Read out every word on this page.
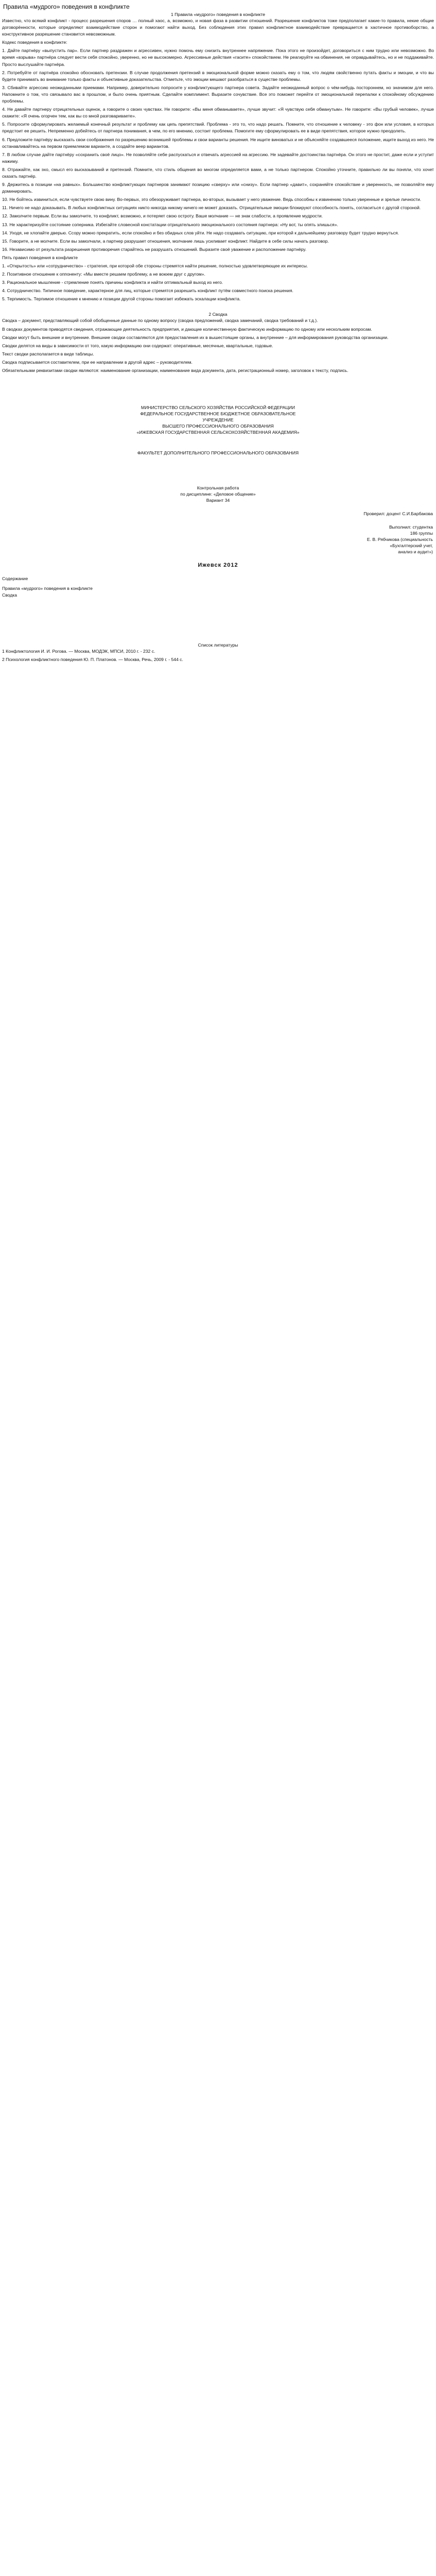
Правила «мудрого» поведения в конфликте
1 Правила «мудрого» поведения в конфликте
Известно, что всякий конфликт - процесс разрешения споров … полный хаос, а, возможно, и новая фаза в развитии отношений. Разрешение конфликтов тоже предполагает какие-то правила, некие общие договорённости, которые определяют взаимодействие сторон и помогают найти выход. Без соблюдения этих правил конфликтное взаимодействие превращается в хаотичное противоборство, а конструктивное разрешение становится невозможным.
Кодекс поведения в конфликте:
1. Дайте партнёру «выпустить пар». Если партнер раздражен и агрессивен, нужно помочь ему снизить внутреннее напряжение. Пока этого не произойдет, договориться с ним трудно или невозможно. Во время «взрыва» партнёра следует вести себя спокойно, уверенно, но не высокомерно. Агрессивные действия «гасите» спокойствием. Не реагируйте на обвинения, не оправдывайтесь, но и не поддакивайте. Просто выслушайте партнёра.
2. Потребуйте от партнёра спокойно обосновать претензии. В случае продолжения претензий в эмоциональной форме можно сказать ему о том, что людям свойственно путать факты и эмоции, и что вы будете принимать во внимание только факты и объективные доказательства. Отметьте, что эмоции мешают разобраться в существе проблемы.
3. Сбивайте агрессию неожиданными приемами. Например, доверительно попросите у конфликтующего партнера совета. Задайте неожиданный вопрос о чём-нибудь постороннем, но значимом для него. Напомните о том, что связывало вас в прошлом, и было очень приятным. Сделайте комплимент. Выразите сочувствие. Все это поможет перейти от эмоциональной перепалки к спокойному обсуждению проблемы.
4. Не давайте партнеру отрицательных оценок, а говорите о своих чувствах. Не говорите: «Вы меня обманываете», лучше звучит: «Я чувствую себя обманутым». Не говорите: «Вы грубый человек», лучше скажите: «Я очень огорчен тем, как вы со мной разговариваете».
5. Попросите сформулировать желаемый конечный результат и проблему как цепь препятствий. Проблема - это то, что надо решать. Помните, что отношение к человеку - это фон или условия, в которых предстоит ее решить. Непременно добейтесь от партнера понимания, в чем, по его мнению, состоит проблема. Помогите ему сформулировать ее в виде препятствия, которое нужно преодолеть.
6. Предложите партнёру высказать свои соображения по разрешению возникшей проблемы и свои варианты решения. Не ищите виноватых и не объясняйте создавшееся положение, ищите выход из него. Не останавливайтесь на первом приемлемом варианте, а создайте веер вариантов.
7. В любом случае дайте партнёру «сохранить своё лицо». Не позволяйте себе распускаться и отвечать агрессией на агрессию. Не задевайте достоинства партнёра. Он этого не простит, даже если и уступит нажиму.
8. Отражайте, как эхо, смысл его высказываний и претензий. Помните, что стиль общения во многом определяется вами, а не только партнером. Спокойно уточните, правильно ли вы поняли, что хочет сказать партнёр.
9. Держитесь в позиции «на равных». Большинство конфликтующих партнеров занимают позицию «сверху» или «снизу». Если партнер «давит», сохраняйте спокойствие и уверенность, не позволяйте ему доминировать.
10. Не бойтесь извиниться, если чувствуете свою вину. Во-первых, это обезоруживает партнера, во-вторых, вызывает у него уважение. Ведь способны к извинению только уверенные и зрелые личности.
11. Ничего не надо доказывать. В любых конфликтных ситуациях никто никогда никому ничего не может доказать. Отрицательные эмоции блокируют способность понять, согласиться с другой стороной.
12. Замолчите первым. Если вы замолчите, то конфликт, возможно, и потеряет свою остроту. Ваше молчание — не знак слабости, а проявление мудрости.
13. Не характеризуйте состояние соперника. Избегайте словесной констатации отрицательного эмоционального состояния партнера: «Ну вот, ты опять злишься».
14. Уходя, не хлопайте дверью. Ссору можно прекратить, если спокойно и без обидных слов уйти. Не надо создавать ситуацию, при которой к дальнейшему разговору будет трудно вернуться.
15. Говорите, а не молчите. Если вы замолчали, а партнер разрушает отношения, молчание лишь усиливает конфликт. Найдите в себе силы начать разговор.
16. Независимо от результата разрешения противоречия старайтесь не разрушать отношений. Выразите своё уважение и расположение партнёру.
Пять правил поведения в конфликте
1. «Открытость» или «сотрудничество» - стратегия, при которой обе стороны стремятся найти решение, полностью удовлетворяющее их интересы.
2. Позитивное отношение к оппоненту: «Мы вместе решаем проблему, а не воюем друг с другом».
3. Рациональное мышление - стремление понять причины конфликта и найти оптимальный выход из него.
4. Сотрудничество. Типичное поведение, характерное для лиц, которые стремятся разрешить конфликт путём совместного поиска решения.
5. Терпимость. Терпимое отношение к мнению и позиции другой стороны помогает избежать эскалации конфликта.
2 Сводка
Сводка – документ, представляющий собой обобщенные данные по одному вопросу (сводка предложений, сводка замечаний, сводка требований и т.д.).
В сводках документов приводятся сведения, отражающие деятельность предприятия, и дающие количественную фактическую информацию по одному или нескольким вопросам.
Сводки могут быть внешние и внутренние. Внешние сводки составляются для предоставления их в вышестоящие органы, а внутренние – для информирования руководства организации.
Сводки делятся на виды в зависимости от того, какую информацию они содержат: оперативные, месячные, квартальные, годовые.
Текст сводки располагается в виде таблицы.
Сводка подписывается составителем, при ее направлении в другой адрес – руководителем.
Обязательными реквизитами сводки являются: наименование организации, наименование вида документа, дата, регистрационный номер, заголовок к тексту, подпись.
МИНИСТЕРСТВО СЕЛЬСКОГО ХОЗЯЙСТВА РОССИЙСКОЙ ФЕДЕРАЦИИ
ФЕДЕРАЛЬНОЕ ГОСУДАРСТВЕННОЕ БЮДЖЕТНОЕ ОБРАЗОВАТЕЛЬНОЕ
УЧРЕЖДЕНИЕ
ВЫСШЕГО ПРОФЕССИОНАЛЬНОГО ОБРАЗОВАНИЯ
«ИЖЕВСКАЯ ГОСУДАРСТВЕННАЯ СЕЛЬСКОХОЗЯЙСТВЕННАЯ АКАДЕМИЯ»
ФАКУЛЬТЕТ ДОПОЛНИТЕЛЬНОГО ПРОФЕССИОНАЛЬНОГО ОБРАЗОВАНИЯ
Контрольная работа
по дисциплине: «Деловое общение»
Вариант 34
Проверил: доцент С.И.Барбакова
Выполнил: студентка
186 группы
Е. В. Рябчикова (специальность
«Бухгалтерский учет,
анализ и аудит»)
Ижевск 2012
Содержание
Правила «мудрого» поведения в конфликте
Сводка
Список литературы
1 Конфликтология И. И. Рогова. — Москва, МОДЭК, МПСИ, 2010 г. - 232 с.
2 Психология конфликтного поведения Ю. П. Платонов. — Москва, Речь, 2009 г. - 544 с.
